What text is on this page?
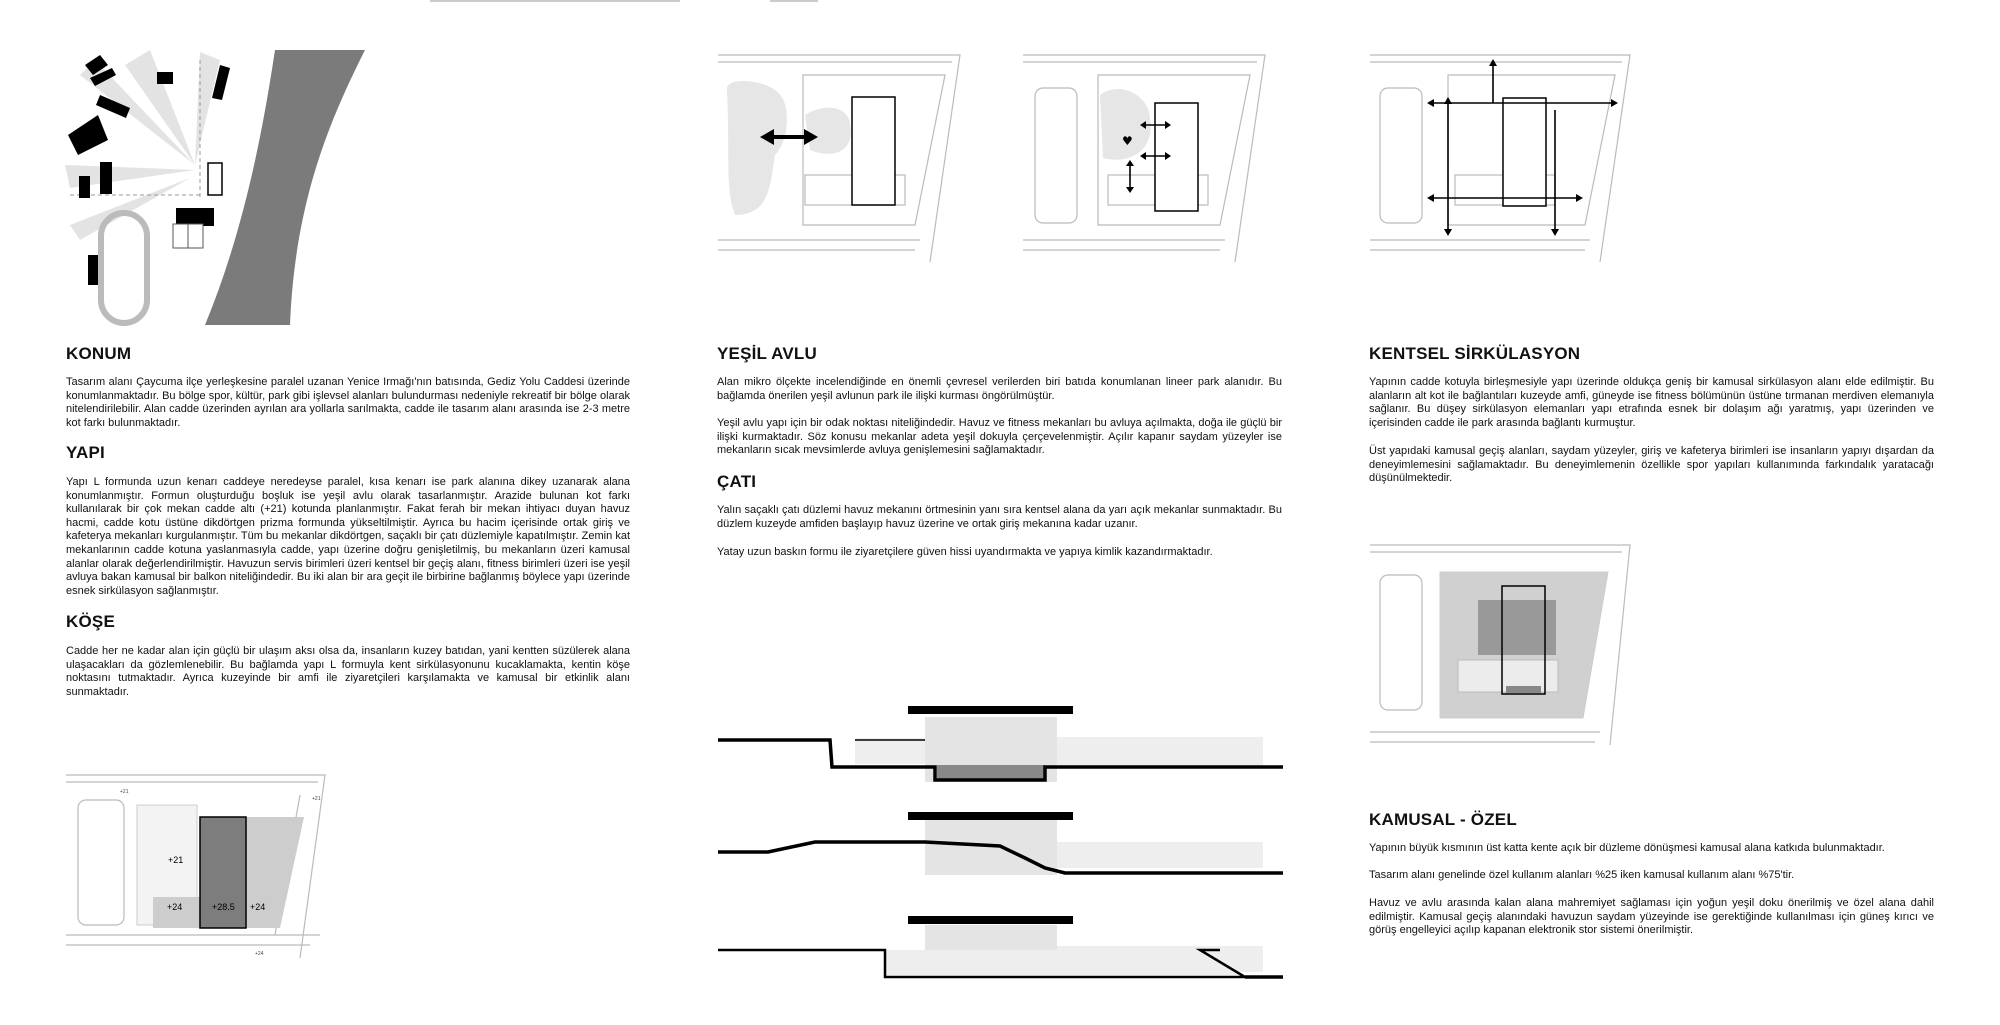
KONUM

Tasarım alanı Çaycuma ilçe yerleşkesine paralel uzanan Yenice Irmağı'nın batısında, Gediz Yolu Caddesi üzerinde konumlanmaktadır. Bu bölge spor, kültür, park gibi işlevsel alanları bulundurması nedeniyle rekreatif bir bölge olarak nitelendirilebilir. Alan cadde üzerinden ayrılan ara yollarla sarılmakta, cadde ile tasarım alanı arasında ise 2-3 metre kot farkı bulunmaktadır.

YAPI

Yapı L formunda uzun kenarı caddeye neredeyse paralel, kısa kenarı ise park alanına dikey uzanarak alana konumlanmıştır. Formun oluşturduğu boşluk ise yeşil avlu olarak tasarlanmıştır. Arazide bulunan kot farkı kullanılarak bir çok mekan cadde altı (+21) kotunda planlanmıştır. Fakat ferah bir mekan ihtiyacı duyan havuz hacmi, cadde kotu üstüne dikdörtgen prizma formunda yükseltilmiştir. Ayrıca bu hacim içerisinde ortak giriş ve kafeterya mekanları kurgulanmıştır. Tüm bu mekanlar dikdörtgen, saçaklı bir çatı düzlemiyle kapatılmıştır. Zemin kat mekanlarının cadde kotuna yaslanmasıyla cadde, yapı üzerine doğru genişletilmiş, bu mekanların üzeri kamusal alanlar olarak değerlendirilmiştir. Havuzun servis birimleri üzeri kentsel bir geçiş alanı, fitness birimleri üzeri ise yeşil avluya bakan kamusal bir balkon niteliğindedir. Bu iki alan bir ara geçit ile birbirine bağlanmış böylece yapı üzerinde esnek sirkülasyon sağlanmıştır.

KÖŞE

Cadde her ne kadar alan için güçlü bir ulaşım aksı olsa da, insanların kuzey batıdan, yani kentten süzülerek alana ulaşacakları da gözlemlenebilir. Bu bağlamda yapı L formuyla kent sirkülasyonunu kucaklamakta, kentin köşe noktasını tutmaktadır. Ayrıca kuzeyinde bir amfi ile ziyaretçileri karşılamakta ve kamusal bir etkinlik alanı sunmaktadır.

+21
+24	+28.5 +24
+21
+21
+24
♥
YEŞİL AVLU

Alan mikro ölçekte incelendiğinde en önemli çevresel verilerden biri batıda konumlanan lineer park alanıdır. Bu bağlamda önerilen yeşil avlunun park ile ilişki kurması öngörülmüştür.

Yeşil avlu yapı için bir odak noktası niteliğindedir. Havuz ve fitness mekanları bu avluya açılmakta, doğa ile güçlü bir ilişki kurmaktadır. Söz konusu mekanlar adeta yeşil dokuyla çerçevelenmiştir. Açılır kapanır saydam yüzeyler ise mekanların sıcak mevsimlerde avluya genişlemesini sağlamaktadır.

ÇATI

Yalın saçaklı çatı düzlemi havuz mekanını örtmesinin yanı sıra kentsel alana da yarı açık mekanlar sunmaktadır. Bu düzlem kuzeyde amfiden başlayıp havuz üzerine ve ortak giriş mekanına kadar uzanır.

Yatay uzun baskın formu ile ziyaretçilere güven hissi uyandırmakta ve yapıya kimlik kazandırmaktadır.

KENTSEL SİRKÜLASYON

Yapının cadde kotuyla birleşmesiyle yapı üzerinde oldukça geniş bir kamusal sirkülasyon alanı elde edilmiştir. Bu alanların alt kot ile bağlantıları kuzeyde amfi, güneyde ise fitness bölümünün üstüne tırmanan merdiven elemanıyla sağlanır. Bu düşey sirkülasyon elemanları yapı etrafında esnek bir dolaşım ağı yaratmış, yapı üzerinden ve içerisinden cadde ile park arasında bağlantı kurmuştur.

Üst yapıdaki kamusal geçiş alanları, saydam yüzeyler, giriş ve kafeterya birimleri ise insanların yapıyı dışardan da deneyimlemesini sağlamaktadır. Bu deneyimlemenin özellikle spor yapıları kullanımında farkındalık yaratacağı düşünülmektedir.

KAMUSAL - ÖZEL

Yapının büyük kısmının üst katta kente açık bir düzleme dönüşmesi kamusal alana katkıda bulunmaktadır.

Tasarım alanı genelinde özel kullanım alanları %25 iken kamusal kullanım alanı %75'tir.

Havuz ve avlu arasında kalan alana mahremiyet sağlaması için yoğun yeşil doku önerilmiş ve özel alana dahil edilmiştir. Kamusal geçiş alanındaki havuzun saydam yüzeyinde ise gerektiğinde kullanılması için güneş kırıcı ve görüş engelleyici açılıp kapanan elektronik stor sistemi önerilmiştir.
